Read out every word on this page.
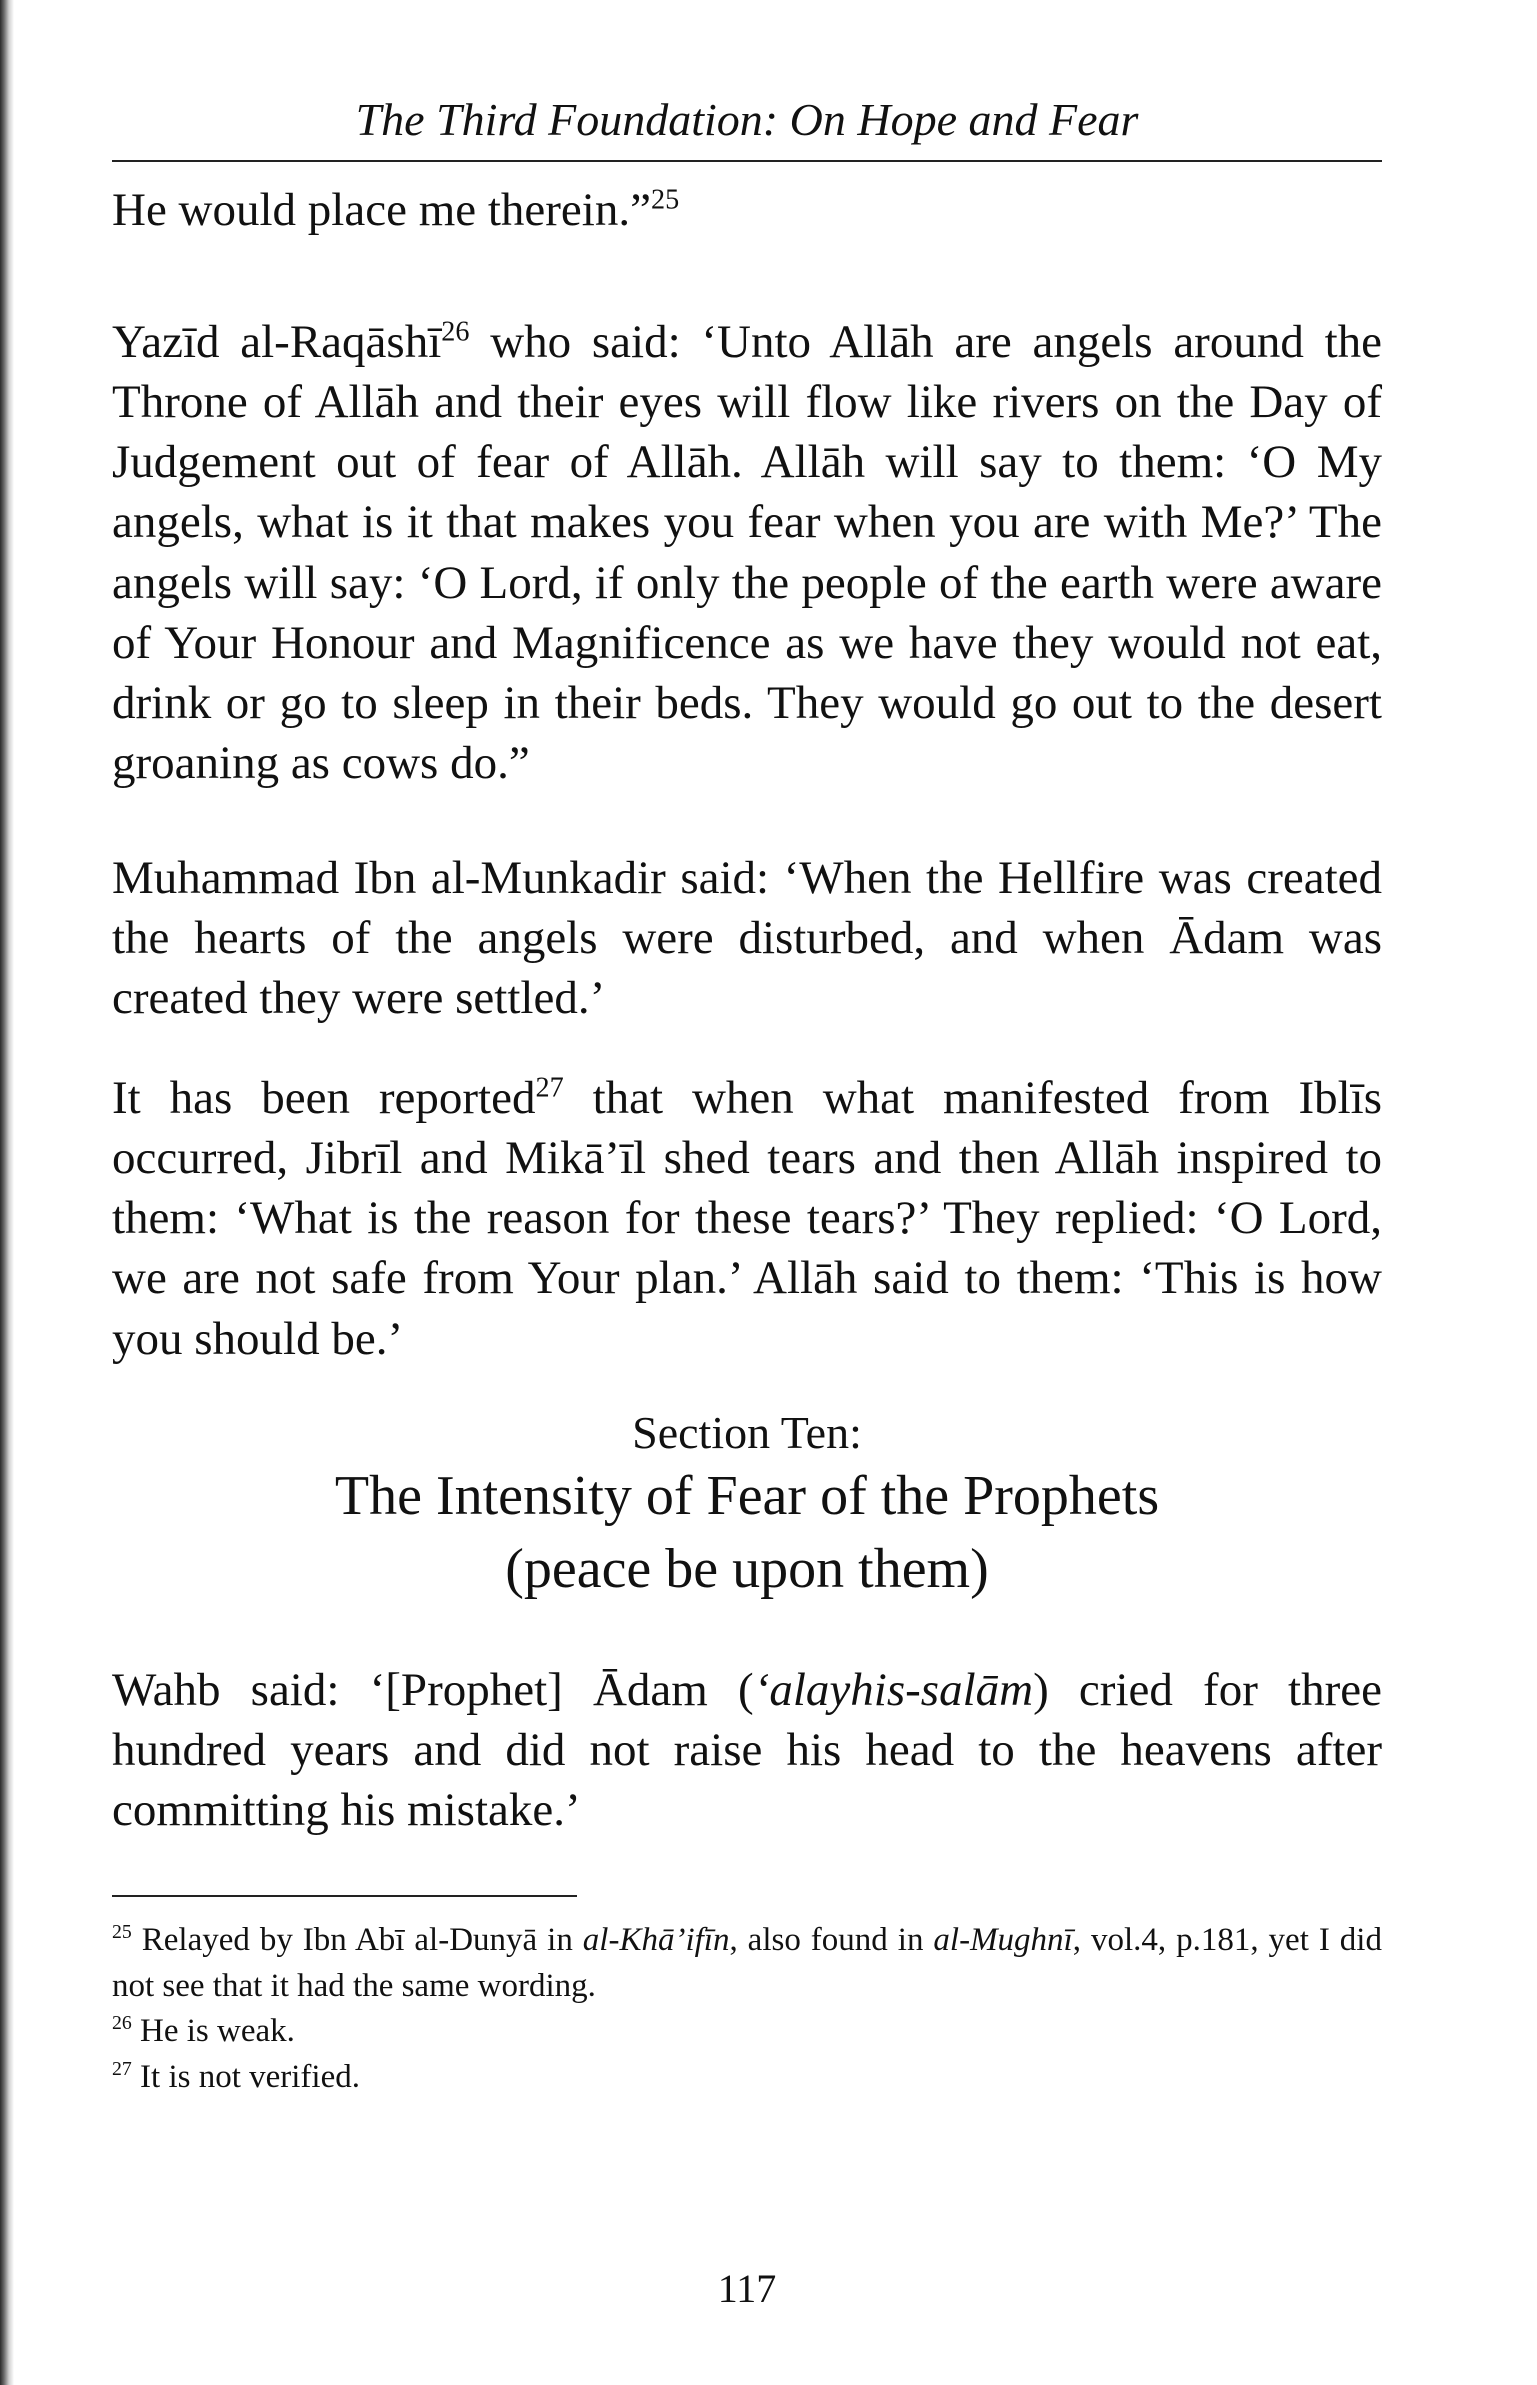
The Third Foundation: On Hope and Fear

He would place me therein.”$^{25}$

Yazīd al-Raqāshī$^{26}$ who said: ‘Unto Allāh are angels around the Throne of Allāh and their eyes will flow like rivers on the Day of Judgement out of fear of Allāh. Allāh will say to them: ‘O My angels, what is it that makes you fear when you are with Me?’ The angels will say: ‘O Lord, if only the people of the earth were aware of Your Honour and Magnificence as we have they would not eat, drink or go to sleep in their beds. They would go out to the desert groaning as cows do.”

Muhammad Ibn al-Munkadir said: ‘When the Hellfire was created the hearts of the angels were disturbed, and when Ādam was created they were settled.’

It has been reported$^{27}$ that when what manifested from Iblīs occurred, Jibrīl and Mikā’īl shed tears and then Allāh inspired to them: ‘What is the reason for these tears?’ They replied: ‘O Lord, we are not safe from Your plan.’ Allāh said to them: ‘This is how you should be.’

Section Ten:
The Intensity of Fear of the Prophets
(peace be upon them)

Wahb said: ‘[Prophet] Ādam (‘alayhis-salām) cried for three hundred years and did not raise his head to the heavens after committing his mistake.’

$^{25}$ Relayed by Ibn Abī al-Dunyā in al-Khā’ifīn, also found in al-Mughnī, vol.4, p.181, yet I did not see that it had the same wording.

$^{26}$ He is weak.

$^{27}$ It is not verified.

117
